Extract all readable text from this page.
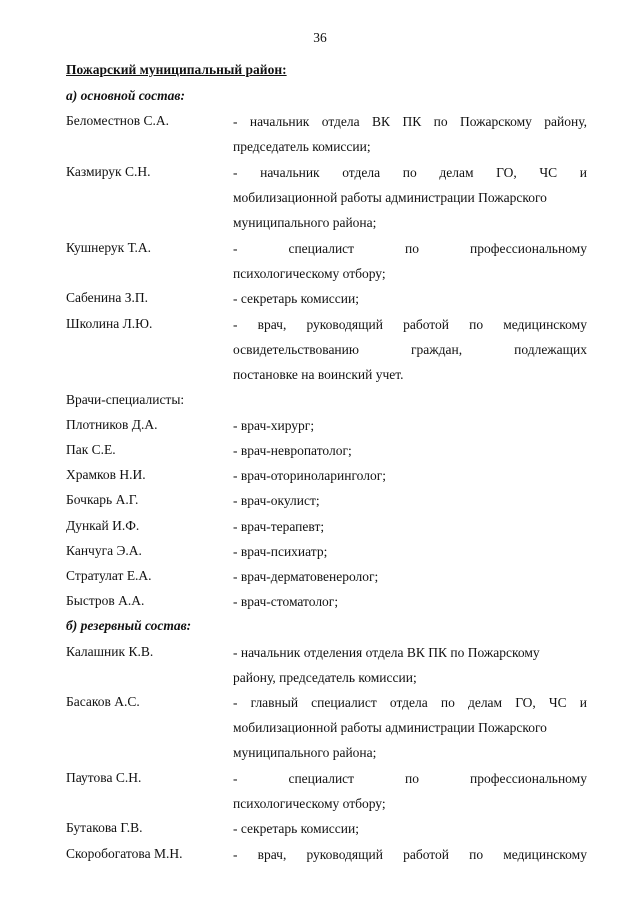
36
Пожарский муниципальный район:
а) основной состав:
Беломестнов С.А.	- начальник отдела ВК ПК по Пожарскому району,
председатель комиссии;
Казмирук С.Н.	- начальник отдела по делам ГО, ЧС и
мобилизационной работы администрации Пожарского
муниципального района;
Кушнерук Т.А.	-	специалист	по	профессиональному
психологическому отбору;
Сабенина З.П.	- секретарь комиссии;
Школина Л.Ю.	- врач, руководящий работой по медицинскому
освидетельствованию	граждан,	подлежащих
постановке на воинский учет.
Врачи-специалисты:
Плотников Д.А.	- врач-хирург;
Пак С.Е.	- врач-невропатолог;
Храмков Н.И.	- врач-оториноларинголог;
Бочкарь А.Г.	- врач-окулист;
Дункай И.Ф.	- врач-терапевт;
Канчуга Э.А.	- врач-психиатр;
Стратулат Е.А.	- врач-дерматовенеролог;
Быстров А.А.	- врач-стоматолог;
б) резервный состав:
Калашник К.В.	- начальник отделения отдела ВК ПК по Пожарскому
району, председатель комиссии;
Басаков А.С.	- главный специалист отдела по делам ГО, ЧС и
мобилизационной работы администрации Пожарского
муниципального района;
Паутова С.Н.	-	специалист	по	профессиональному
психологическому отбору;
Бутакова Г.В.	- секретарь комиссии;
Скоробогатова М.Н.	- врач, руководящий работой по медицинскому
